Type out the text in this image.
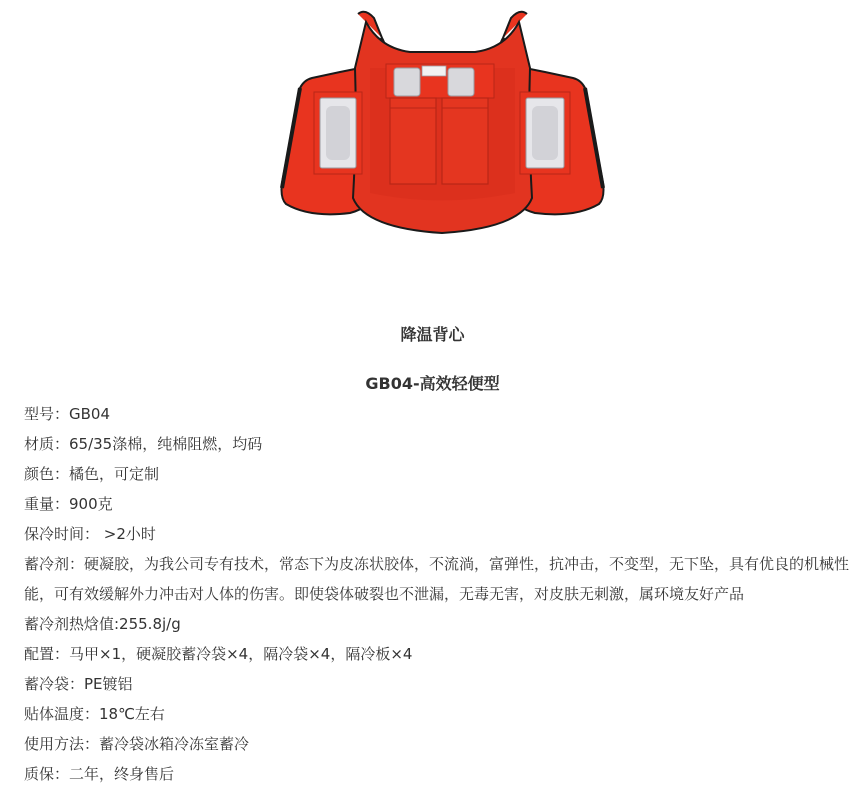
降温背心
GB04-高效轻便型

型号：GB04

材质：65/35涤棉，纯棉阻燃，均码

颜色：橘色，可定制

重量：900克

保冷时间： >2小时

蓄冷剂：硬凝胶，为我公司专有技术，常态下为皮冻状胶体，不流淌，富弹性，抗冲击，不变型，无下坠，具有优良的机械性能，可有效缓解外力冲击对人体的伤害。即使袋体破裂也不泄漏，无毒无害，对皮肤无刺激，属环境友好产品

蓄冷剂热焓值:255.8j/g

配置：马甲×1，硬凝胶蓄冷袋×4，隔冷袋×4，隔冷板×4

蓄冷袋：PE镀铝

贴体温度：18℃左右

使用方法：蓄冷袋冰箱冷冻室蓄冷

质保：二年，终身售后
